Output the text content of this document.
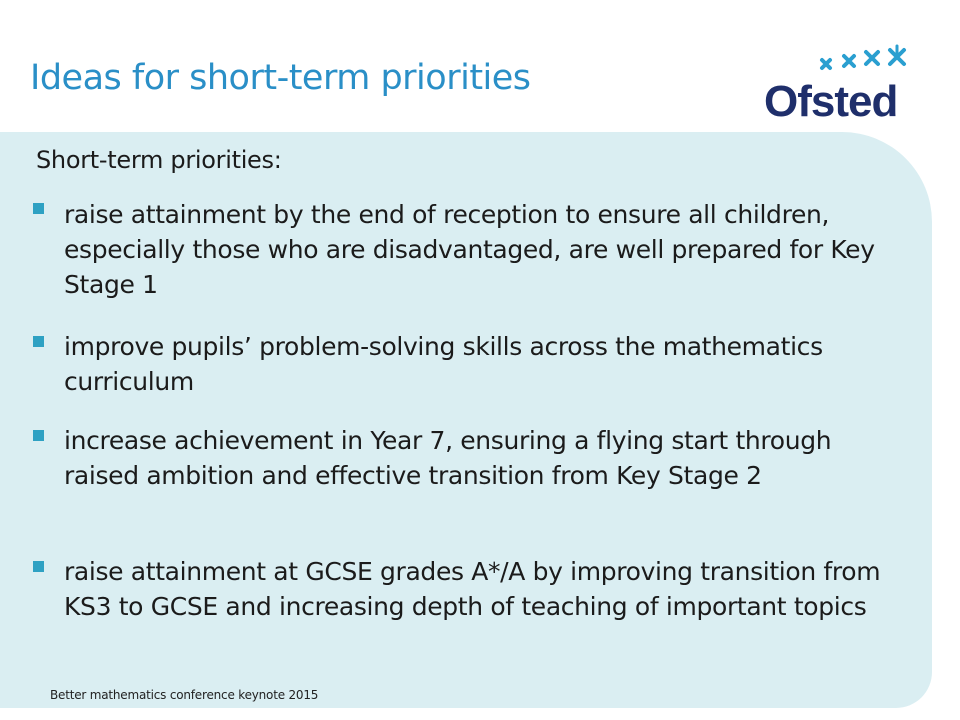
Ideas for short-term priorities	Ofsted
Short-term priorities:
raise attainment by the end of reception to ensure all children, especially those who are disadvantaged, are well prepared for Key Stage 1
improve pupils’ problem-solving skills across the mathematics curriculum
increase achievement in Year 7, ensuring a flying start through raised ambition and effective transition from Key Stage 2
raise attainment at GCSE grades A*/A by improving transition from KS3 to GCSE and increasing depth of teaching of important topics
Better mathematics conference keynote 2015
